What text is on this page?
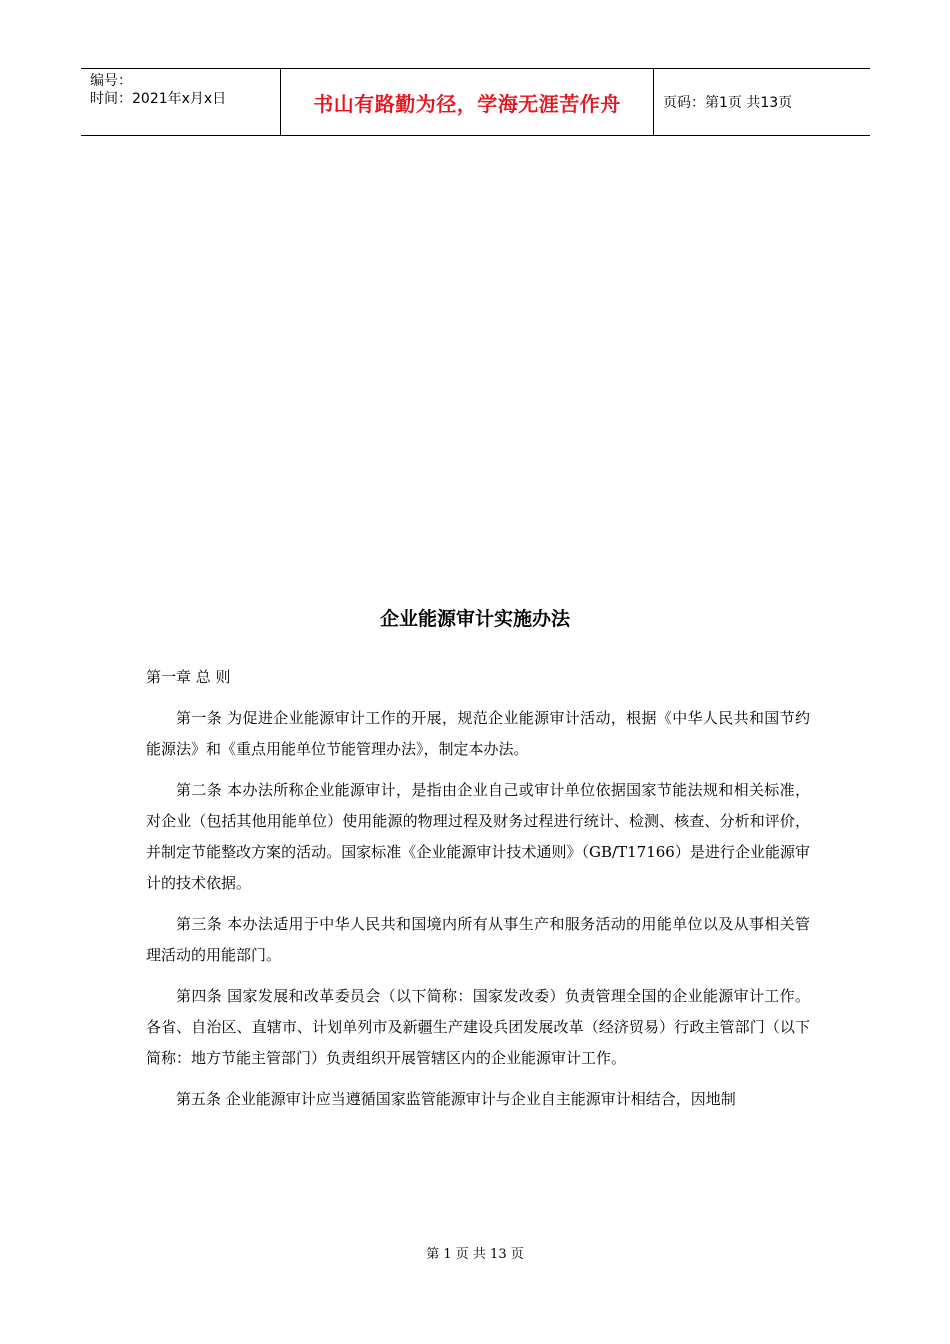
编号：
时间：2021年x月x日	书山有路勤为径，学海无涯苦作舟	页码：第1页 共13页
企业能源审计实施办法

第一章 总 则

第一条 为促进企业能源审计工作的开展，规范企业能源审计活动，根据《中华人民共和国节约能源法》和《重点用能单位节能管理办法》，制定本办法。

第二条 本办法所称企业能源审计，是指由企业自己或审计单位依据国家节能法规和相关标准，对企业（包括其他用能单位）使用能源的物理过程及财务过程进行统计、检测、核查、分析和评价，并制定节能整改方案的活动。国家标准《企业能源审计技术通则》（GB/T17166）是进行企业能源审计的技术依据。

第三条 本办法适用于中华人民共和国境内所有从事生产和服务活动的用能单位以及从事相关管理活动的用能部门。

第四条 国家发展和改革委员会（以下简称：国家发改委）负责管理全国的企业能源审计工作。各省、自治区、直辖市、计划单列市及新疆生产建设兵团发展改革（经济贸易）行政主管部门（以下简称：地方节能主管部门）负责组织开展管辖区内的企业能源审计工作。

第五条 企业能源审计应当遵循国家监管能源审计与企业自主能源审计相结合，因地制

第 1 页 共 13 页
